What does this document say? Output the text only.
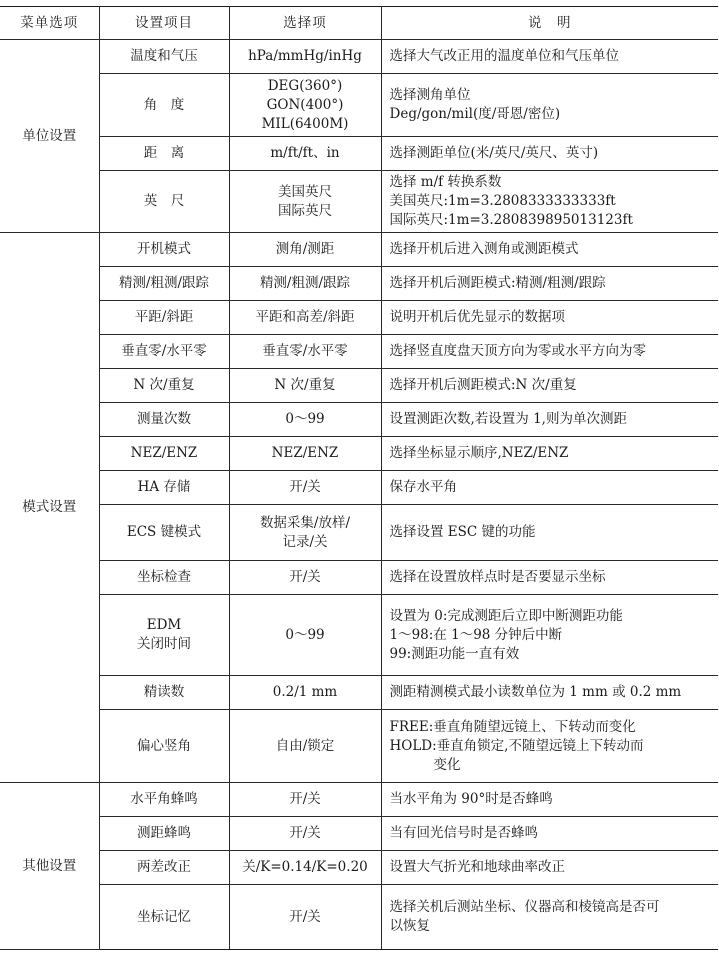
菜单选项	设置项目	选择项	说　明
单位设置	温度和气压	hPa/mmHg/inHg	选择大气改正用的温度单位和气压单位

	角　度	DEG(360°)
GON(400°)
MIL(6400M)	选择测角单位
Deg/gon/mil(度/哥恩/密位)

	距　离	m/ft/ft、in	选择测距单位(米/英尺/英尺、英寸)

	英　尺	美国英尺
国际英尺	选择 m/f 转换系数
美国英尺:1m=3.2808333333333ft
国际英尺:1m=3.280839895013123ft

模式设置	开机模式	测角/测距	选择开机后进入测角或测距模式

	精测/粗测/跟踪	精测/粗测/跟踪	选择开机后测距模式:精测/粗测/跟踪

	平距/斜距	平距和高差/斜距	说明开机后优先显示的数据项

	垂直零/水平零	垂直零/水平零	选择竖直度盘天顶方向为零或水平方向为零

	N 次/重复	N 次/重复	选择开机后测距模式:N 次/重复

	测量次数	0～99	设置测距次数,若设置为 1,则为单次测距

	NEZ/ENZ	NEZ/ENZ	选择坐标显示顺序,NEZ/ENZ

	HA 存储	开/关	保存水平角

	ECS 键模式	数据采集/放样/
记录/关	选择设置 ESC 键的功能

	坐标检查	开/关	选择在设置放样点时是否要显示坐标

	EDM
关闭时间	0～99	设置为 0:完成测距后立即中断测距功能
1～98:在 1～98 分钟后中断
99:测距功能一直有效

	精读数	0.2/1 mm	测距精测模式最小读数单位为 1 mm 或 0.2 mm

	偏心竖角	自由/锁定	FREE:垂直角随望远镜上、下转动而变化
HOLD:垂直角锁定,不随望远镜上下转动而
变化

其他设置	水平角蜂鸣	开/关	当水平角为 90°时是否蜂鸣

	测距蜂鸣	开/关	当有回光信号时是否蜂鸣

	两差改正	关/K=0.14/K=0.20	设置大气折光和地球曲率改正

	坐标记忆	开/关	选择关机后测站坐标、仪器高和棱镜高是否可
以恢复
